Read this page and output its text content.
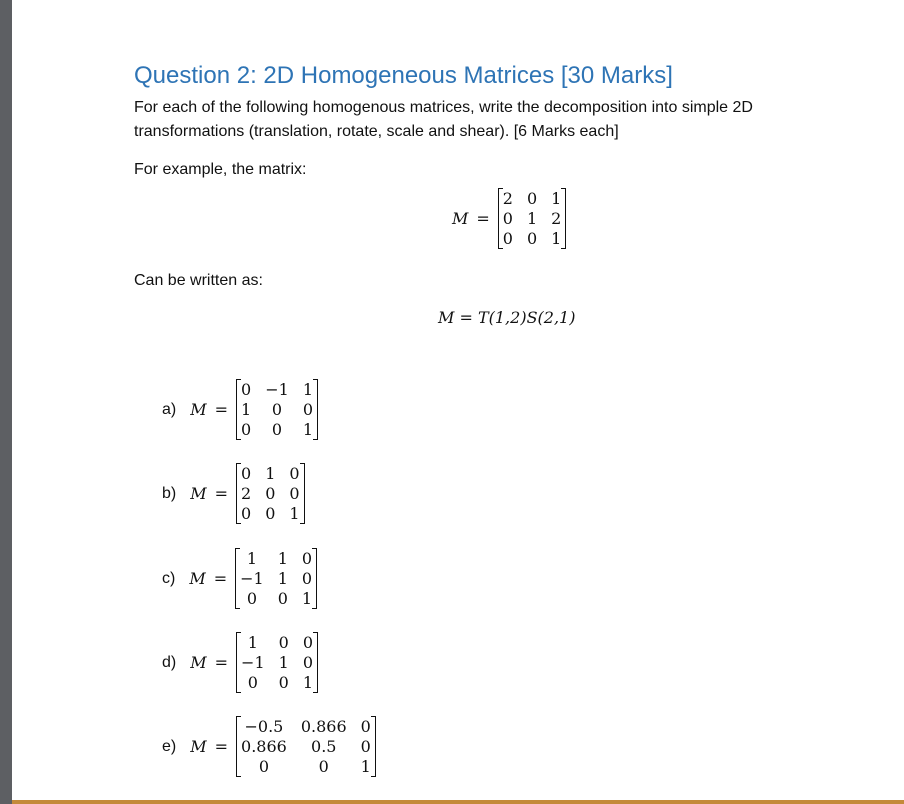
Question 2: 2D Homogeneous Matrices [30 Marks]
For each of the following homogenous matrices, write the decomposition into simple 2D
transformations (translation, rotate, scale and shear). [6 Marks each]
For example, the matrix:
M =
2 0 1
0 1 2
0 0 1
Can be written as:
M = T(1,2)S(2,1)
a) M =
0 −1 1
1	0	0
0	0	1
b) M =
0 1 0
2 0 0
0 0 1
c) M =
1	1 0
−1 1 0
0	0 1
d) M =
1	0 0
−1 1 0
0	0 1
e) M =
−0.5 0.866 0
0.866	0.5	0
0	0	1
